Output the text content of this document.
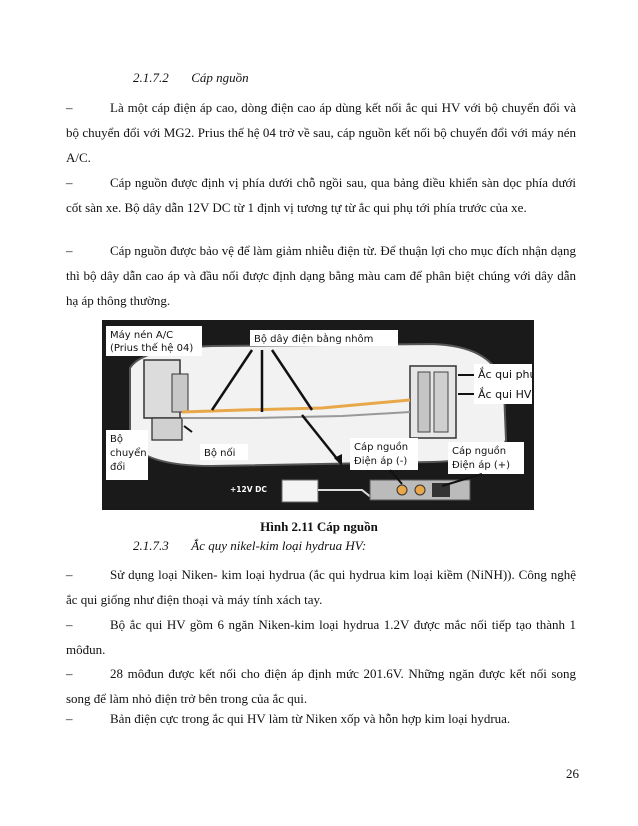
2.1.7.2 Cáp nguồn
–	Là một cáp điện áp cao, dòng điện cao áp dùng kết nối ắc qui HV với bộ chuyển đổi và bộ chuyển đổi với MG2. Prius thế hệ 04 trở về sau, cáp nguồn kết nối bộ chuyển đổi với máy nén A/C.
–	Cáp nguồn được định vị phía dưới chỗ ngồi sau, qua bảng điều khiển sàn dọc phía dưới cốt sàn xe. Bộ dây dẫn 12V DC từ 1 định vị tương tự từ ắc qui phụ tới phía trước của xe.
–	Cáp nguồn được bảo vệ để làm giảm nhiễu điện từ. Để thuận lợi cho mục đích nhận dạng thì bộ dây dẫn cao áp và đầu nối được định dạng bằng màu cam để phân biệt chúng với dây dẫn hạ áp thông thường.
Máy nén A/C
(Prius thế hệ 04)
Bộ dây điện bằng nhôm
Ắc qui phụ
Ắc qui HV
Bộ
chuyển
đổi
Bộ nối
Cáp nguồn
Điện áp (-)
Cáp nguồn
Điện áp (+)
+12V DC
Hình 2.11 Cáp nguồn
2.1.7.3 Ắc quy nikel-kim loại hydrua HV:
–	Sử dụng loại Niken- kim loại hydrua (ắc qui hydrua kim loại kiềm (NiNH)). Công nghệ ắc qui giống như điện thoại và máy tính xách tay.
–	Bộ ắc qui HV gồm 6 ngăn Niken-kim loại hydrua 1.2V được mắc nối tiếp tạo thành 1 môđun.
–	28 môđun được kết nối cho điện áp định mức 201.6V. Những ngăn được kết nối song song để làm nhỏ điện trở bên trong của ắc qui.
–	Bản điện cực trong ắc qui HV làm từ Niken xốp và hỗn hợp kim loại hydrua.
26
